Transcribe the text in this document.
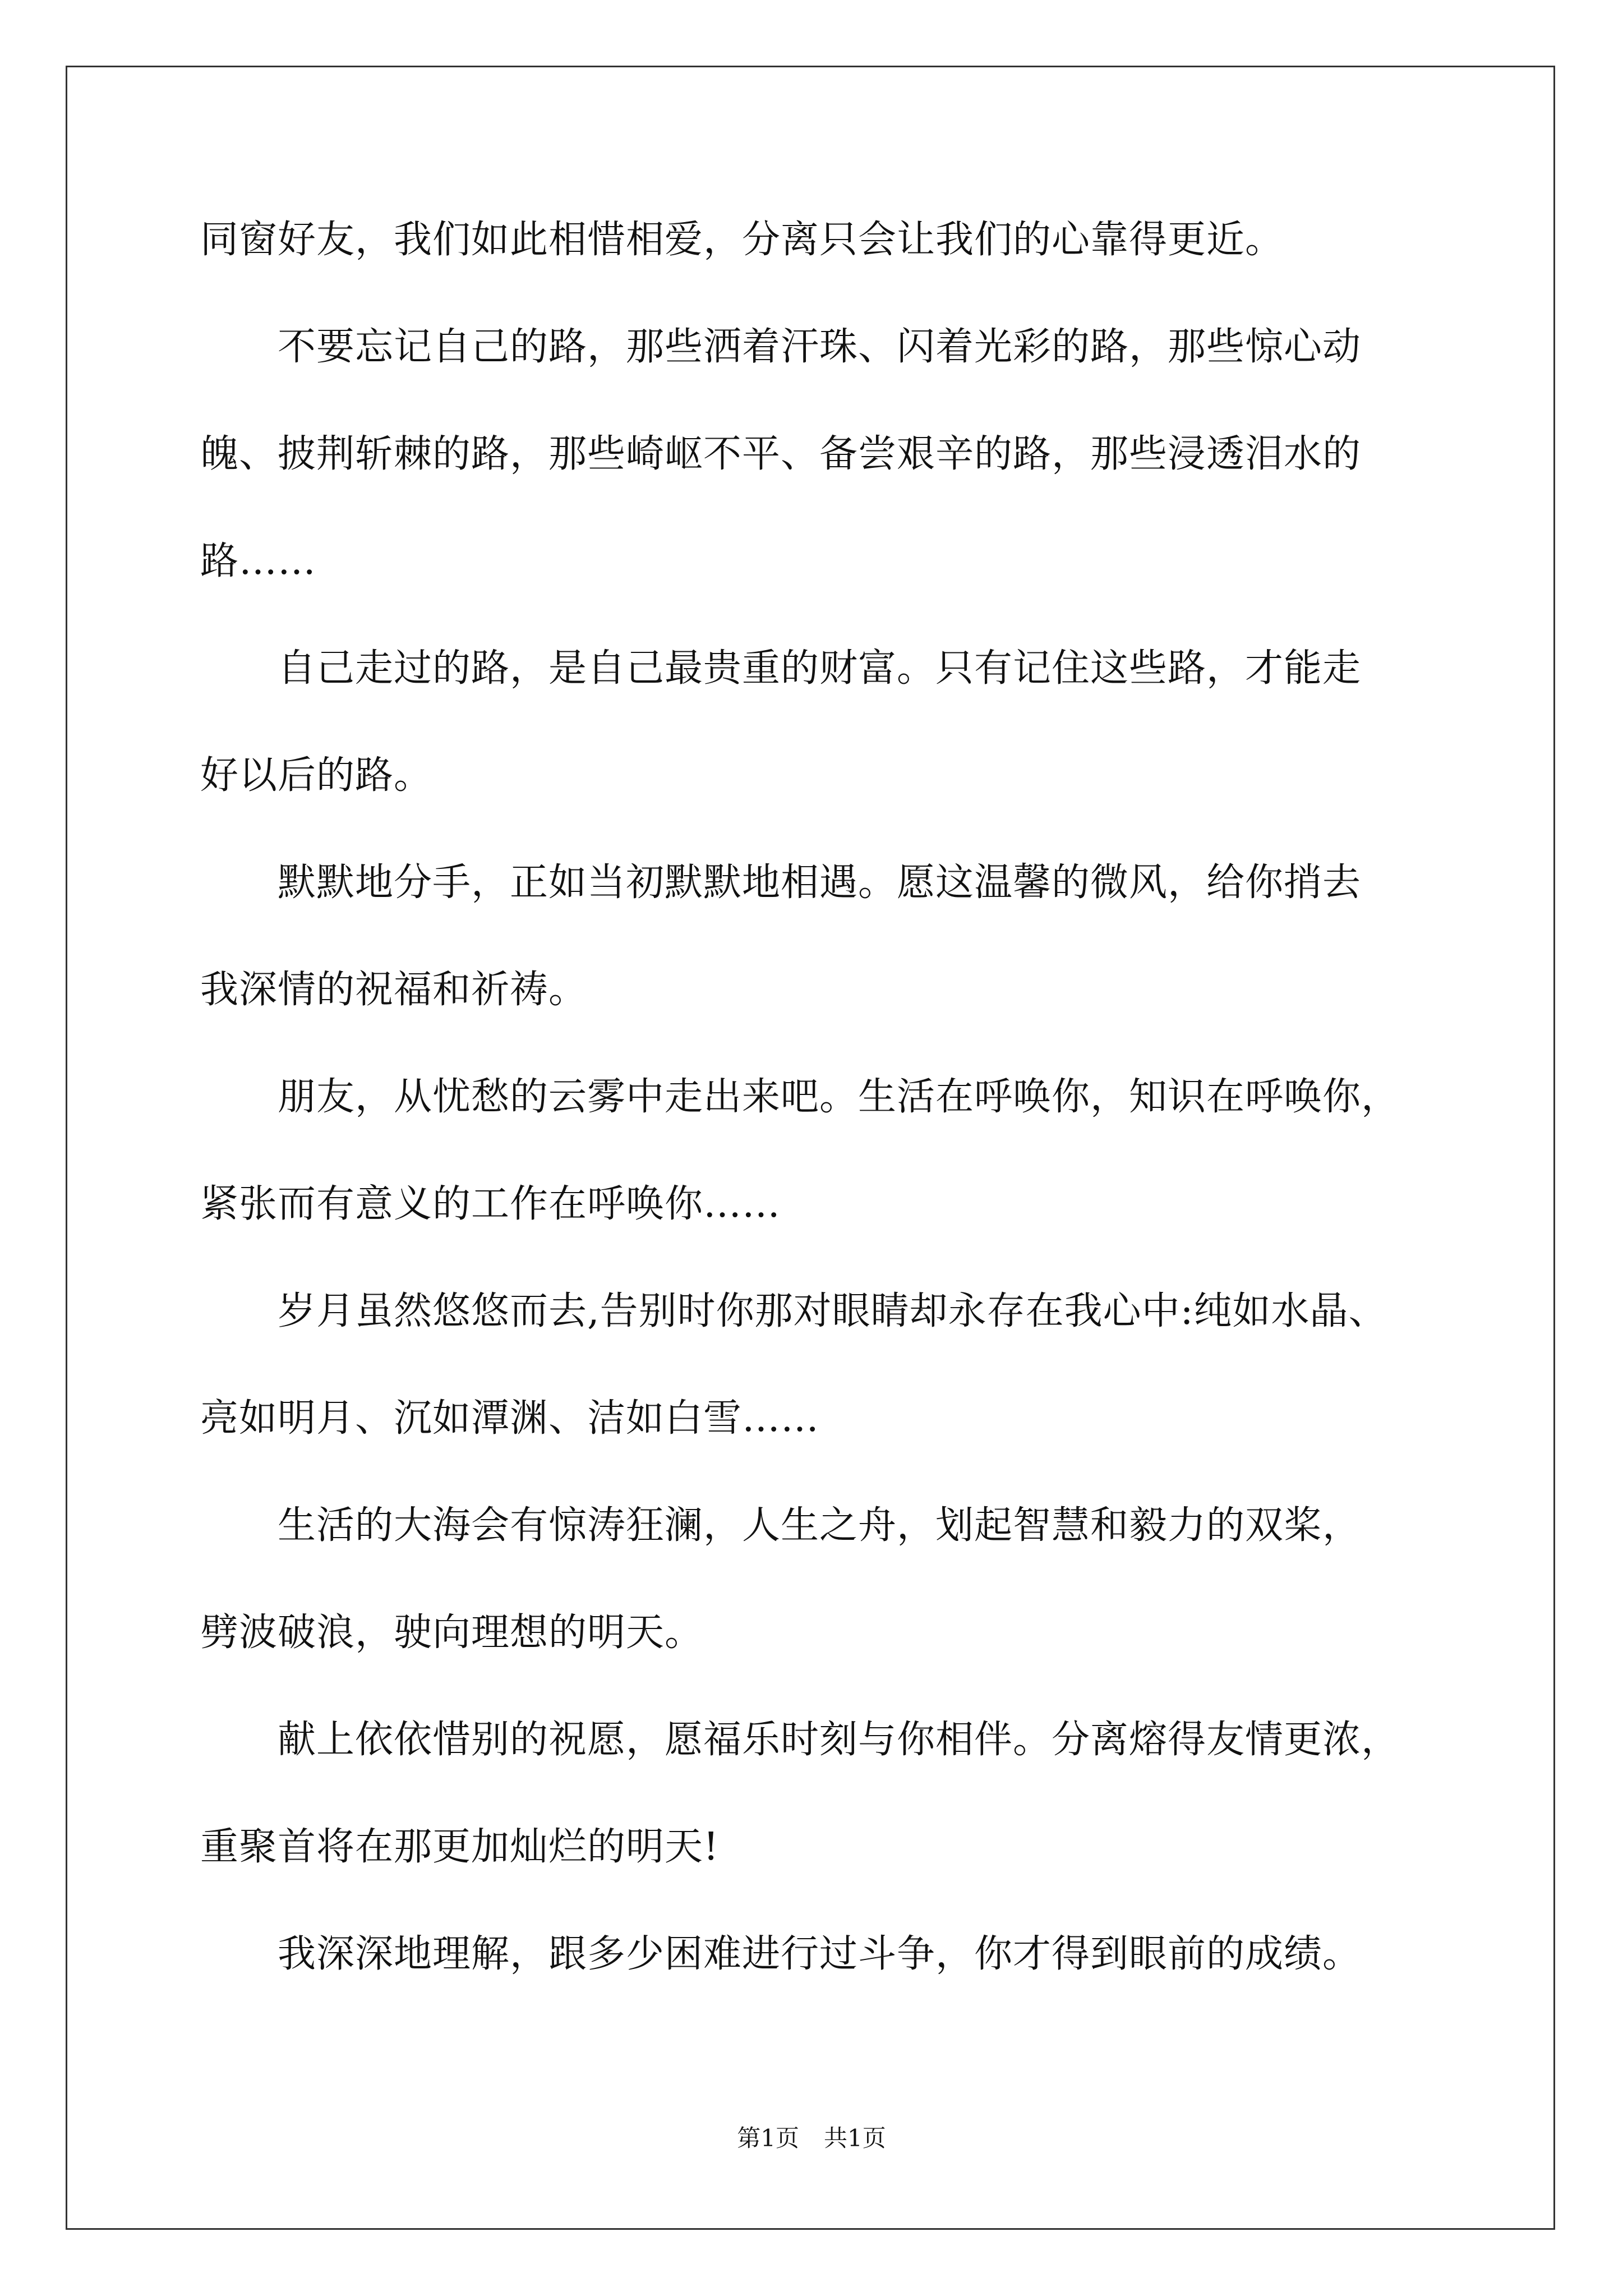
同窗好友，我们如此相惜相爱，分离只会让我们的心靠得更近。
　　不要忘记自己的路，那些洒着汗珠、闪着光彩的路，那些惊心动
魄、披荆斩棘的路，那些崎岖不平、备尝艰辛的路，那些浸透泪水的
路……
　　自己走过的路，是自己最贵重的财富。只有记住这些路，才能走
好以后的路。
　　默默地分手，正如当初默默地相遇。愿这温馨的微风，给你捎去
我深情的祝福和祈祷。
　　朋友，从忧愁的云雾中走出来吧。生活在呼唤你，知识在呼唤你，
紧张而有意义的工作在呼唤你……
　　岁月虽然悠悠而去,告别时你那对眼睛却永存在我心中:纯如水晶、
亮如明月、沉如潭渊、洁如白雪……
　　生活的大海会有惊涛狂澜，人生之舟，划起智慧和毅力的双桨，
劈波破浪，驶向理想的明天。
　　献上依依惜别的祝愿，愿福乐时刻与你相伴。分离熔得友情更浓，
重聚首将在那更加灿烂的明天!
　　我深深地理解，跟多少困难进行过斗争，你才得到眼前的成绩。
第1页 共1页
